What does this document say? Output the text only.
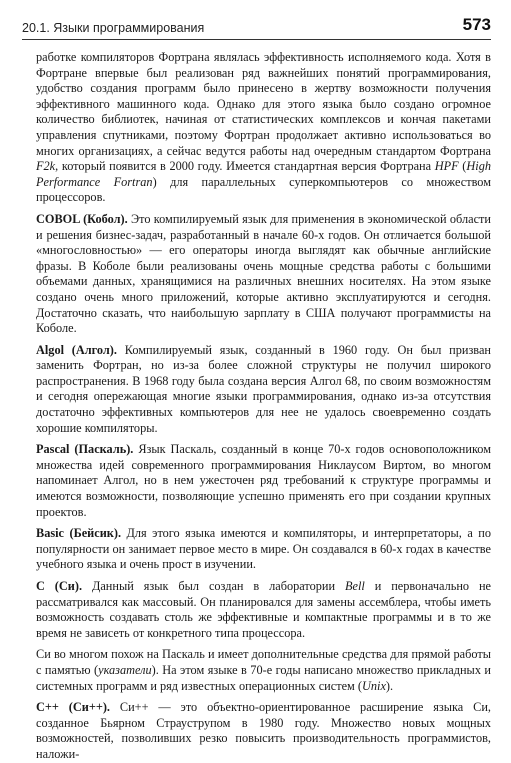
20.1. Языки программирования	573

работке компиляторов Фортрана являлась эффективность исполняемого кода. Хотя в Фортране впервые был реализован ряд важнейших понятий программирования, удобство создания программ было принесено в жертву возможности получения эффективного машинного кода. Однако для этого языка было создано огромное количество библиотек, начиная от статистических комплексов и кончая пакетами управления спутниками, поэтому Фортран продолжает активно использоваться во многих организациях, а сейчас ведутся работы над очередным стандартом Фортрана F2k, который появится в 2000 году. Имеется стандартная версия Фортрана HPF (High Performance Fortran) для параллельных суперкомпьютеров со множеством процессоров.

COBOL (Кобол). Это компилируемый язык для применения в экономической области и решения бизнес-задач, разработанный в начале 60-х годов. Он отличается большой «многословностью» — его операторы иногда выглядят как обычные английские фразы. В Коболе были реализованы очень мощные средства работы с большими объемами данных, хранящимися на различных внешних носителях. На этом языке создано очень много приложений, которые активно эксплуатируются и сегодня. Достаточно сказать, что наибольшую зарплату в США получают программисты на Коболе.

Algol (Алгол). Компилируемый язык, созданный в 1960 году. Он был призван заменить Фортран, но из-за более сложной структуры не получил широкого распространения. В 1968 году была создана версия Алгол 68, по своим возможностям и сегодня опережающая многие языки программирования, однако из-за отсутствия достаточно эффективных компьютеров для нее не удалось своевременно создать хорошие компиляторы.

Pascal (Паскаль). Язык Паскаль, созданный в конце 70-х годов основоположником множества идей современного программирования Никлаусом Виртом, во многом напоминает Алгол, но в нем ужесточен ряд требований к структуре программы и имеются возможности, позволяющие успешно применять его при создании крупных проектов.

Basic (Бейсик). Для этого языка имеются и компиляторы, и интерпретаторы, а по популярности он занимает первое место в мире. Он создавался в 60-х годах в качестве учебного языка и очень прост в изучении.

С (Си). Данный язык был создан в лаборатории Bell и первоначально не рассматривался как массовый. Он планировался для замены ассемблера, чтобы иметь возможность создавать столь же эффективные и компактные программы и в то же время не зависеть от конкретного типа процессора.

Си во многом похож на Паскаль и имеет дополнительные средства для прямой работы с памятью (указатели). На этом языке в 70-е годы написано множество прикладных и системных программ и ряд известных операционных систем (Unix).

С++ (Си++). Си++ — это объектно-ориентированное расширение языка Си, созданное Бьярном Страуструпом в 1980 году. Множество новых мощных возможностей, позволивших резко повысить производительность программистов, наложи-
